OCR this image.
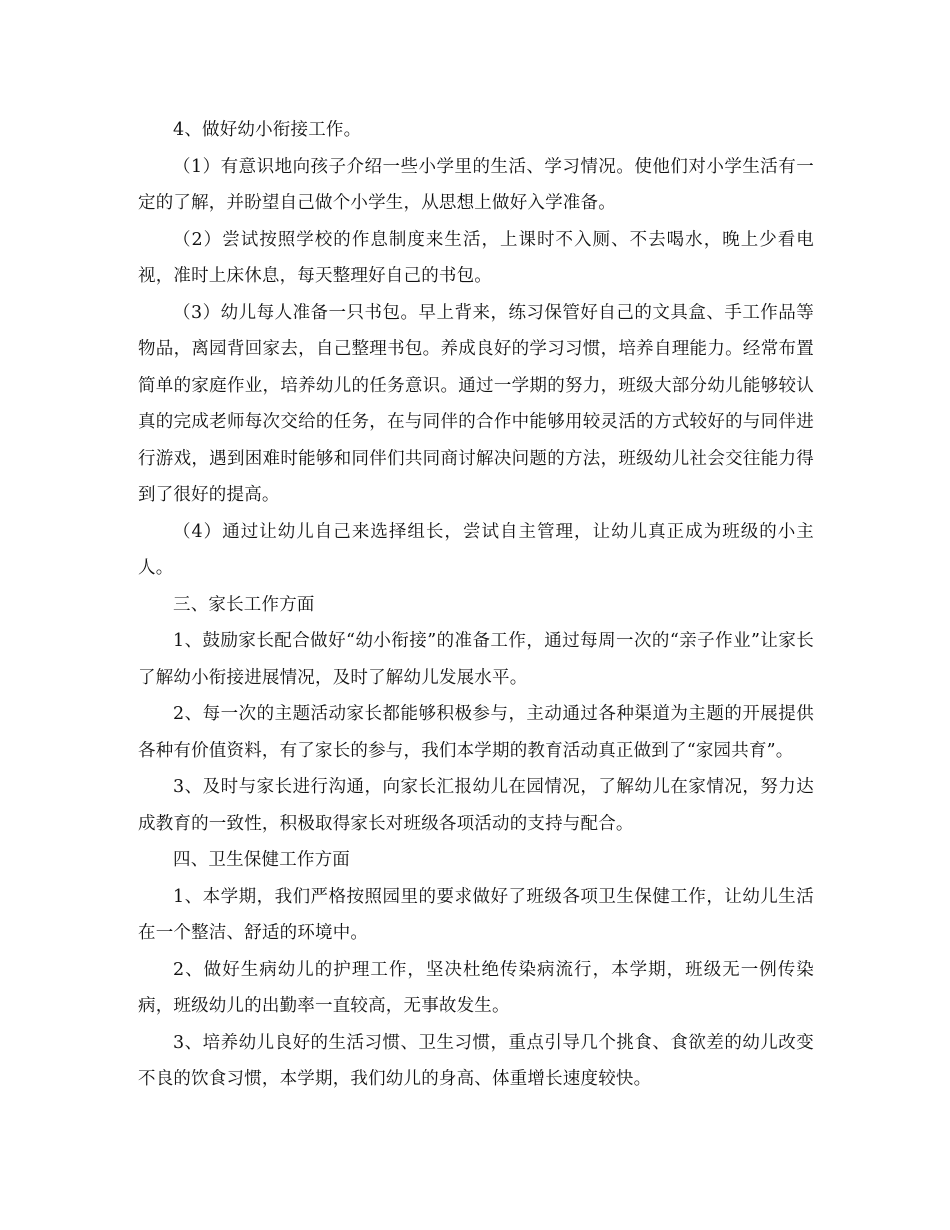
4、做好幼小衔接工作。

（1）有意识地向孩子介绍一些小学里的生活、学习情况。使他们对小学生活有一定的了解，并盼望自己做个小学生，从思想上做好入学准备。

（2）尝试按照学校的作息制度来生活，上课时不入厕、不去喝水，晚上少看电视，准时上床休息，每天整理好自己的书包。

（3）幼儿每人准备一只书包。早上背来，练习保管好自己的文具盒、手工作品等物品，离园背回家去，自己整理书包。养成良好的学习习惯，培养自理能力。经常布置简单的家庭作业，培养幼儿的任务意识。通过一学期的努力，班级大部分幼儿能够较认真的完成老师每次交给的任务，在与同伴的合作中能够用较灵活的方式较好的与同伴进行游戏，遇到困难时能够和同伴们共同商讨解决问题的方法，班级幼儿社会交往能力得到了很好的提高。

（4）通过让幼儿自己来选择组长，尝试自主管理，让幼儿真正成为班级的小主人。

三、家长工作方面

1、鼓励家长配合做好“幼小衔接”的准备工作，通过每周一次的“亲子作业”让家长了解幼小衔接进展情况，及时了解幼儿发展水平。

2、每一次的主题活动家长都能够积极参与，主动通过各种渠道为主题的开展提供各种有价值资料，有了家长的参与，我们本学期的教育活动真正做到了“家园共育”。

3、及时与家长进行沟通，向家长汇报幼儿在园情况，了解幼儿在家情况，努力达成教育的一致性，积极取得家长对班级各项活动的支持与配合。

四、卫生保健工作方面

1、本学期，我们严格按照园里的要求做好了班级各项卫生保健工作，让幼儿生活在一个整洁、舒适的环境中。

2、做好生病幼儿的护理工作，坚决杜绝传染病流行，本学期，班级无一例传染病，班级幼儿的出勤率一直较高，无事故发生。

3、培养幼儿良好的生活习惯、卫生习惯，重点引导几个挑食、食欲差的幼儿改变不良的饮食习惯，本学期，我们幼儿的身高、体重增长速度较快。
